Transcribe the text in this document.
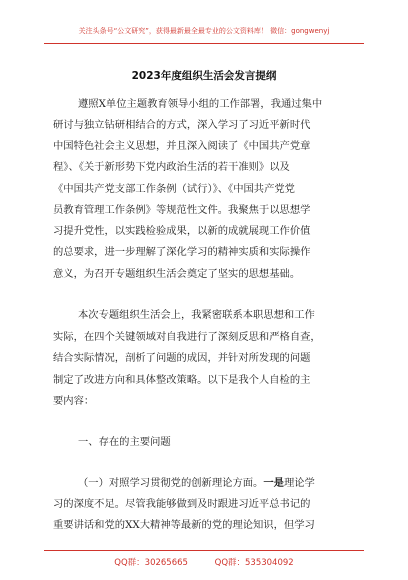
关注头条号“公文研究”，获得最新最全最专业的公文资料库！ 微信：gongwenyj
2023年度组织生活会发言提纲
遵照X单位主题教育领导小组的工作部署，我通过集中
研讨与独立钻研相结合的方式，深入学习了习近平新时代
中国特色社会主义思想，并且深入阅读了《中国共产党章
程》、《关于新形势下党内政治生活的若干准则》以及
《中国共产党支部工作条例（试行）》、《中国共产党党
员教育管理工作条例》等规范性文件。我聚焦于以思想学
习提升党性，以实践检验成果，以新的成就展现工作价值
的总要求，进一步理解了深化学习的精神实质和实际操作
意义，为召开专题组织生活会奠定了坚实的思想基础。
本次专题组织生活会上，我紧密联系本职思想和工作
实际，在四个关键领域对自我进行了深刻反思和严格自查，
结合实际情况，剖析了问题的成因，并针对所发现的问题
制定了改进方向和具体整改策略。以下是我个人自检的主
要内容：
一、存在的主要问题
（一）对照学习贯彻党的创新理论方面。一是理论学
习的深度不足。尽管我能够做到及时跟进习近平总书记的
重要讲话和党的XX大精神等最新的党的理论知识，但学习
QQ群：30265665	QQ群：535304092
